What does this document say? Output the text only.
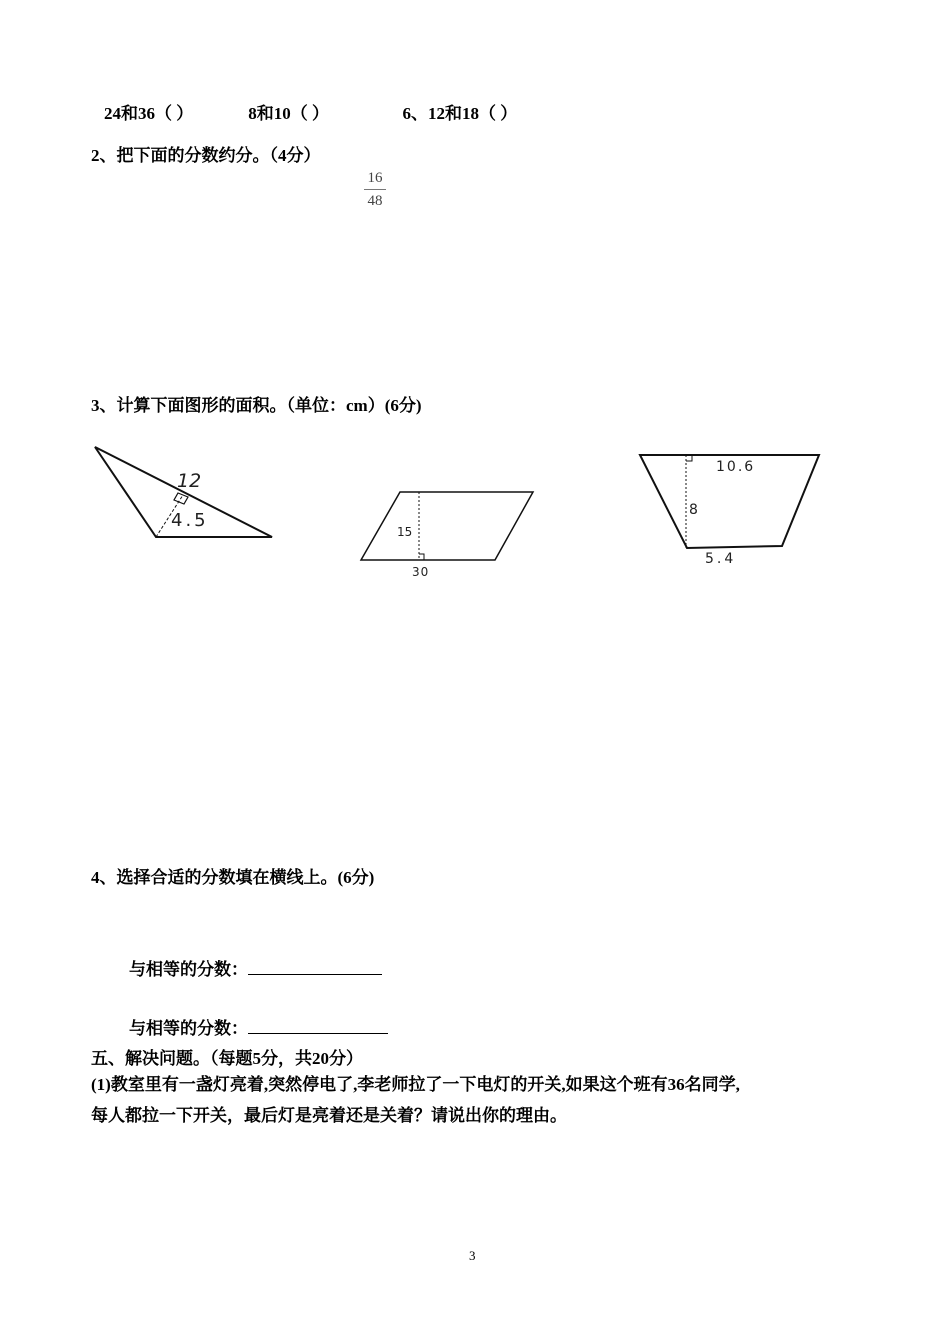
24和36（ ）	8和10（ ）	6、12和18（ ）
2、把下面的分数约分。（4分）
16
48
3、计算下面图形的面积。（单位：cm）(6分)
12
4.5
15
30
10.6
8
5.4
4、选择合适的分数填在横线上。(6分)
与相等的分数：
与相等的分数：
五、解决问题。（每题5分，共20分）
(1)教室里有一盏灯亮着,突然停电了,李老师拉了一下电灯的开关,如果这个班有36名同学,
每人都拉一下开关，最后灯是亮着还是关着？请说出你的理由。
3
